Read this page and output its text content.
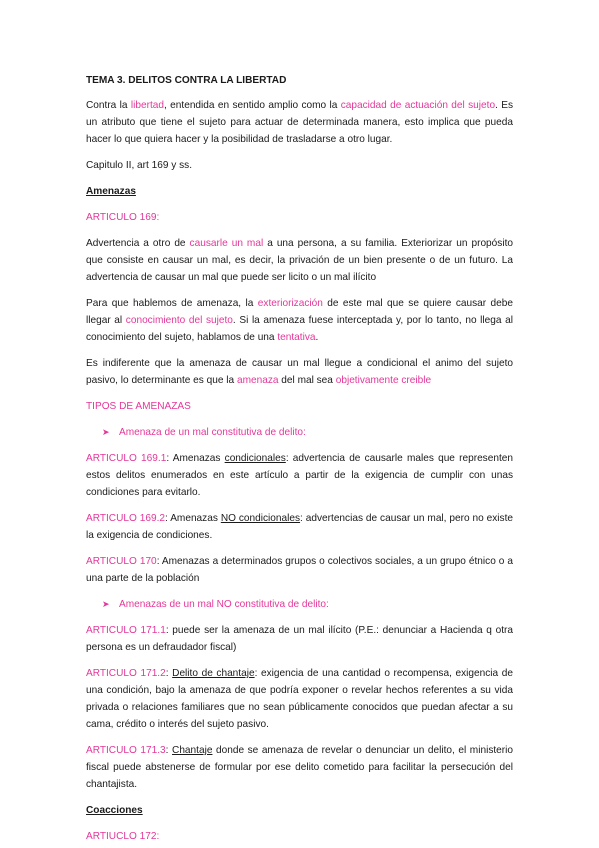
TEMA 3. DELITOS CONTRA LA LIBERTAD

Contra la libertad, entendida en sentido amplio como la capacidad de actuación del sujeto. Es un atributo que tiene el sujeto para actuar de determinada manera, esto implica que pueda hacer lo que quiera hacer y la posibilidad de trasladarse a otro lugar.

Capitulo II, art 169 y ss.

Amenazas

ARTICULO 169:

Advertencia a otro de causarle un mal a una persona, a su familia. Exteriorizar un propósito que consiste en causar un mal, es decir, la privación de un bien presente o de un futuro. La advertencia de causar un mal que puede ser licito o un mal ilícito

Para que hablemos de amenaza, la exteriorización de este mal que se quiere causar debe llegar al conocimiento del sujeto. Si la amenaza fuese interceptada y, por lo tanto, no llega al conocimiento del sujeto, hablamos de una tentativa.

Es indiferente que la amenaza de causar un mal llegue a condicional el animo del sujeto pasivo, lo determinante es que la amenaza del mal sea objetivamente creible

TIPOS DE AMENAZAS

➤ Amenaza de un mal constitutiva de delito:

ARTICULO 169.1: Amenazas condicionales: advertencia de causarle males que representen estos delitos enumerados en este artículo a partir de la exigencia de cumplir con unas condiciones para evitarlo.

ARTICULO 169.2: Amenazas NO condicionales: advertencias de causar un mal, pero no existe la exigencia de condiciones.

ARTICULO 170: Amenazas a determinados grupos o colectivos sociales, a un grupo étnico o a una parte de la población

➤ Amenazas de un mal NO constitutiva de delito:

ARTICULO 171.1: puede ser la amenaza de un mal ilícito (P.E.: denunciar a Hacienda q otra persona es un defraudador fiscal)

ARTICULO 171.2: Delito de chantaje: exigencia de una cantidad o recompensa, exigencia de una condición, bajo la amenaza de que podría exponer o revelar hechos referentes a su vida privada o relaciones familiares que no sean públicamente conocidos que puedan afectar a su cama, crédito o interés del sujeto pasivo.

ARTICULO 171.3: Chantaje donde se amenaza de revelar o denunciar un delito, el ministerio fiscal puede abstenerse de formular por ese delito cometido para facilitar la persecución del chantajista.

Coacciones

ARTIUCLO 172:
